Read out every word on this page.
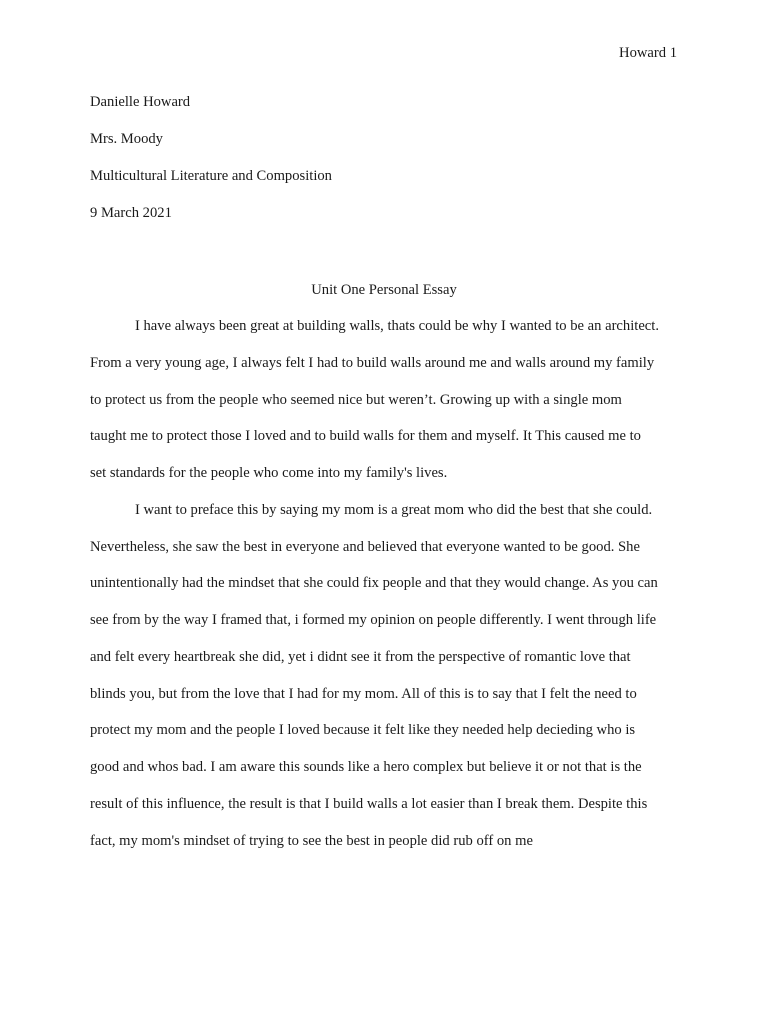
Howard 1
Danielle Howard
Mrs. Moody
Multicultural Literature and Composition
9 March 2021
Unit One Personal Essay
I have always been great at building walls, thats could be why I wanted to be an architect.
From a very young age, I always felt I had to build walls around me and walls around my family
to protect us from the people who seemed nice but weren’t. Growing up with a single mom
taught me to protect those I loved and to build walls for them and myself. It This caused me to
set standards for the people who come into my family's lives.
I want to preface this by saying my mom is a great mom who did the best that she could.
Nevertheless, she saw the best in everyone and believed that everyone wanted to be good. She
unintentionally had the mindset that she could fix people and that they would change. As you can
see from by the way I framed that, i formed my opinion on people differently. I went through life
and felt every heartbreak she did, yet i didnt see it from the perspective of romantic love that
blinds you, but from the love that I had for my mom. All of this is to say that I felt the need to
protect my mom and the people I loved because it felt like they needed help decieding who is
good and whos bad. I am aware this sounds like a hero complex but believe it or not that is the
result of this influence, the result is that I build walls a lot easier than I break them. Despite this
fact, my mom's mindset of trying to see the best in people did rub off on me
